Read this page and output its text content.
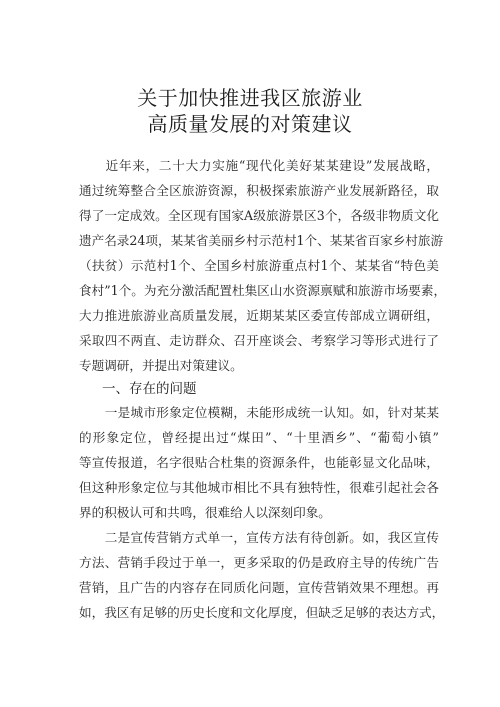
关于加快推进我区旅游业
高质量发展的对策建议
　　近年来，二十大力实施“现代化美好某某建设”发展战略，
通过统筹整合全区旅游资源，积极探索旅游产业发展新路径，取
得了一定成效。全区现有国家A级旅游景区3个，各级非物质文化
遗产名录24项，某某省美丽乡村示范村1个、某某省百家乡村旅游
（扶贫）示范村1个、全国乡村旅游重点村1个、某某省“特色美
食村”1个。为充分激活配置杜集区山水资源禀赋和旅游市场要素，
大力推进旅游业高质量发展，近期某某区委宣传部成立调研组，
采取四不两直、走访群众、召开座谈会、考察学习等形式进行了
专题调研，并提出对策建议。
一、存在的问题
　　一是城市形象定位模糊，未能形成统一认知。如，针对某某
的形象定位，曾经提出过“煤田”、“十里酒乡”、“葡萄小镇”
等宣传报道，名字很贴合杜集的资源条件，也能彰显文化品味，
但这种形象定位与其他城市相比不具有独特性，很难引起社会各
界的积极认可和共鸣，很难给人以深刻印象。
　　二是宣传营销方式单一，宣传方法有待创新。如，我区宣传
方法、营销手段过于单一，更多采取的仍是政府主导的传统广告
营销，且广告的内容存在同质化问题，宣传营销效果不理想。再
如，我区有足够的历史长度和文化厚度，但缺乏足够的表达方式，
